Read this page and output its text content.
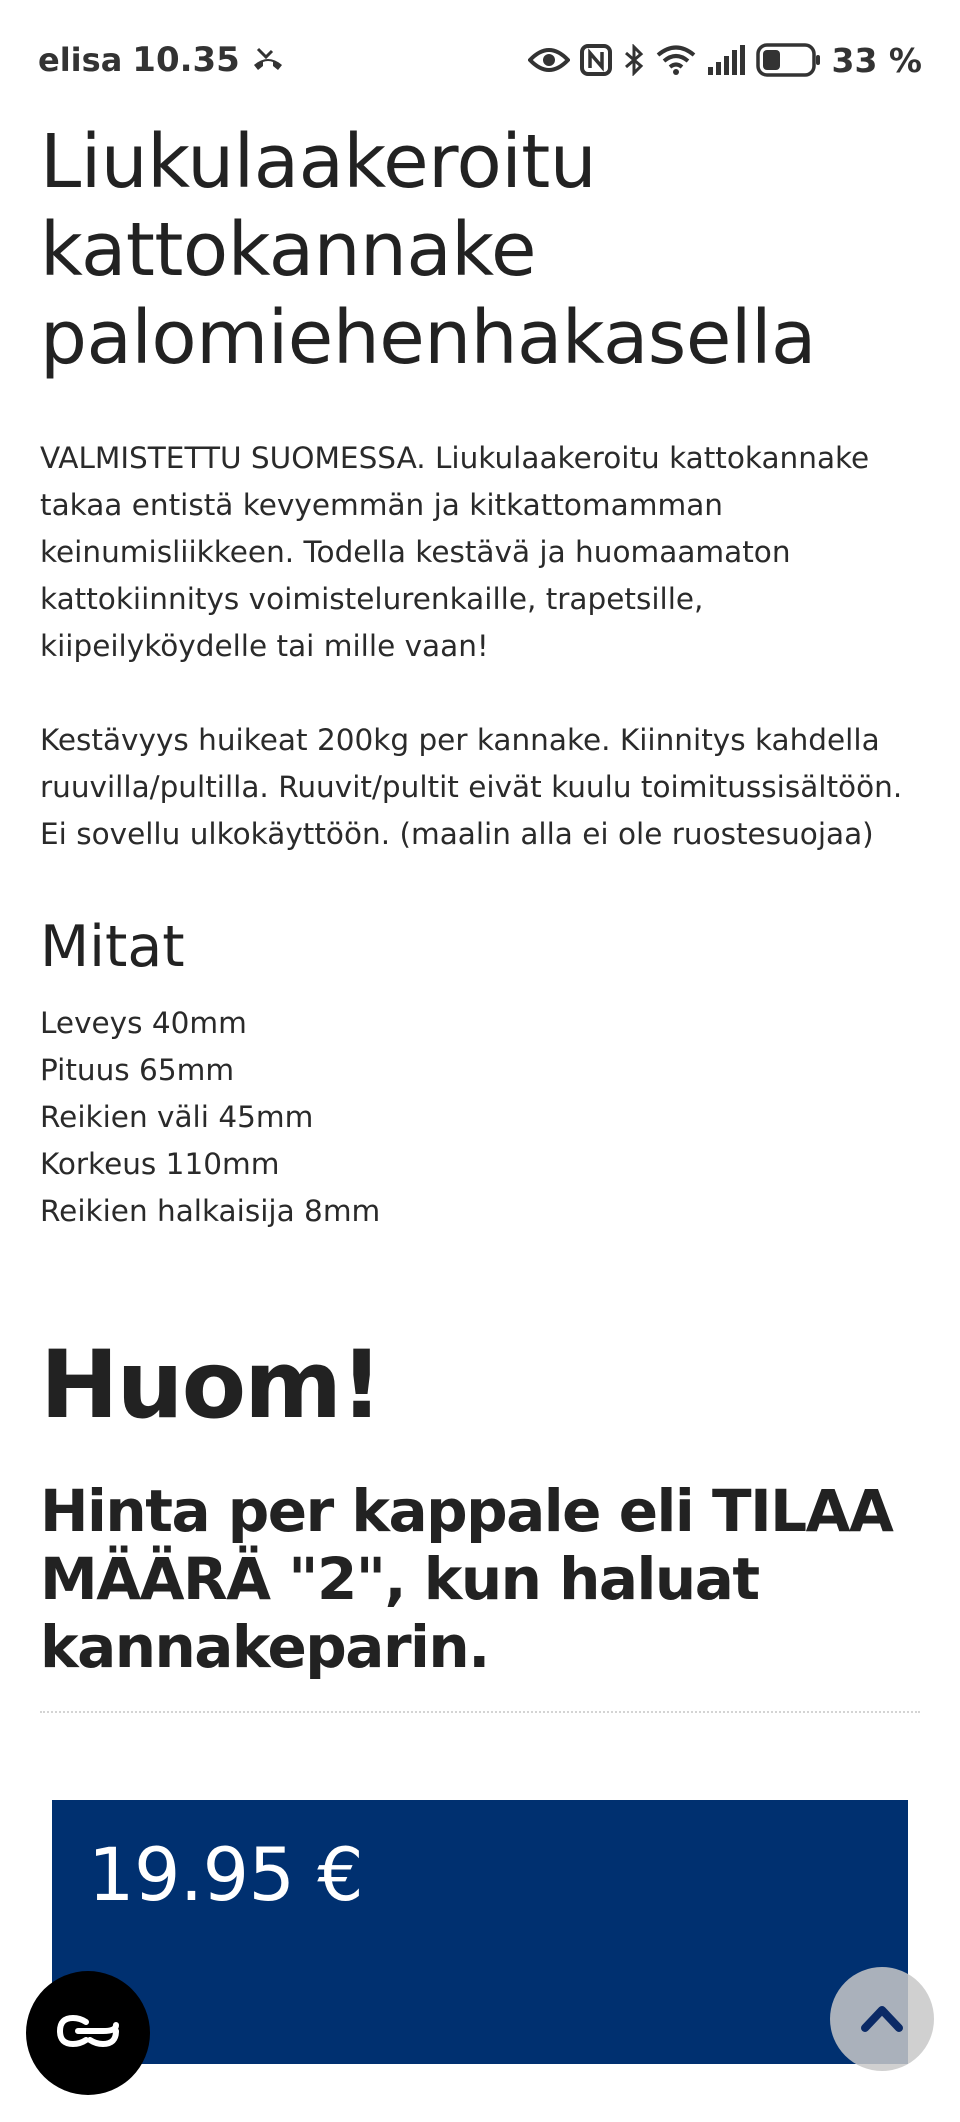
elisa 10.35	33 %
Liukulaakeroitu
kattokannake
palomiehenhakasella

VALMISTETTU SUOMESSA. Liukulaakeroitu kattokannake takaa entistä kevyemmän ja kitkattomamman keinumisliikkeen. Todella kestävä ja huomaamaton kattokiinnitys voimistelurenkaille, trapetsille, kiipeilyköydelle tai mille vaan!

Kestävyys huikeat 200kg per kannake. Kiinnitys kahdella ruuvilla/pultilla. Ruuvit/pultit eivät kuulu toimitussisältöön. Ei sovellu ulkokäyttöön. (maalin alla ei ole ruostesuojaa)

Mitat
Leveys 40mm
Pituus 65mm
Reikien väli 45mm
Korkeus 110mm
Reikien halkaisija 8mm
Huom!
Hinta per kappale eli TILAA MÄÄRÄ "2", kun haluat kannakeparin.
19.95 €
